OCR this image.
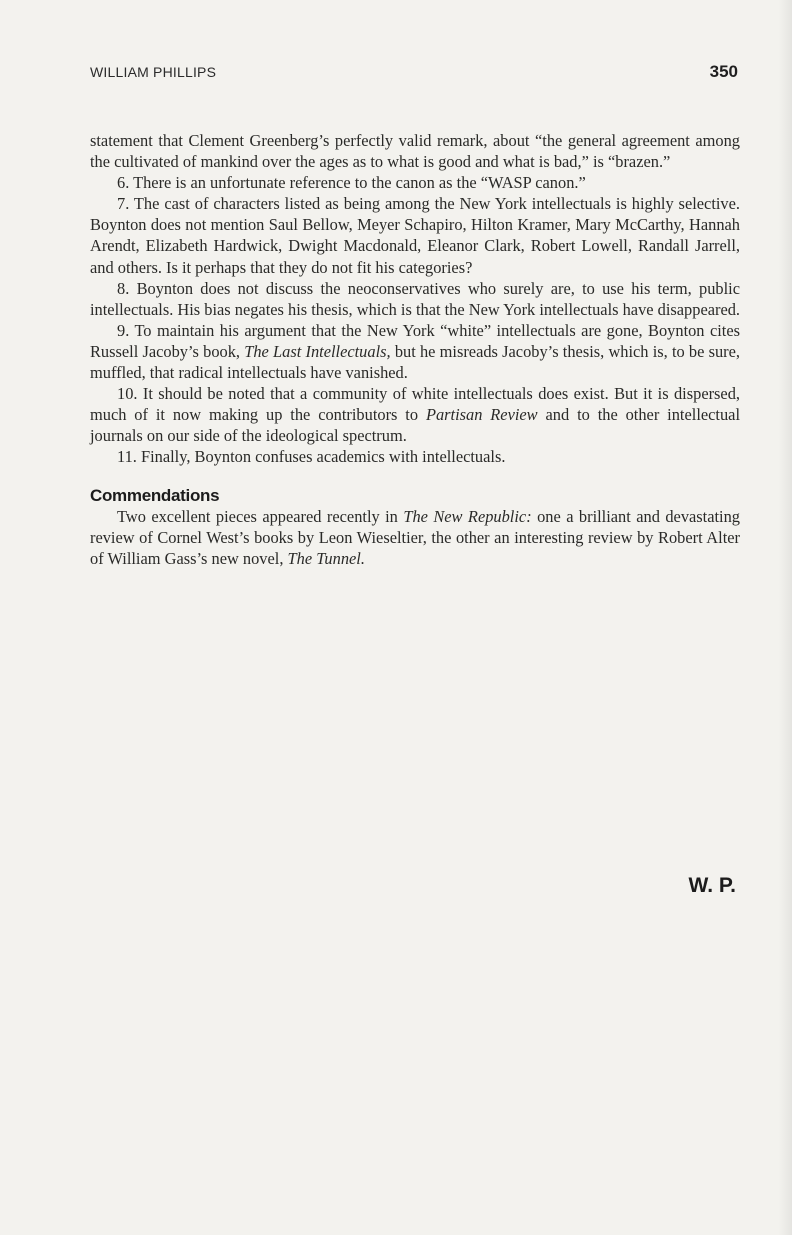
WILLIAM PHILLIPS	350

statement that Clement Greenberg’s perfectly valid remark, about “the general agreement among the cultivated of mankind over the ages as to what is good and what is bad,” is “brazen.”

6. There is an unfortunate reference to the canon as the “WASP canon.”

7. The cast of characters listed as being among the New York intellectuals is highly selective. Boynton does not mention Saul Bellow, Meyer Schapiro, Hilton Kramer, Mary McCarthy, Hannah Arendt, Elizabeth Hardwick, Dwight Macdonald, Eleanor Clark, Robert Lowell, Randall Jarrell, and others. Is it perhaps that they do not fit his categories?

8. Boynton does not discuss the neoconservatives who surely are, to use his term, public intellectuals. His bias negates his thesis, which is that the New York intellectuals have disappeared.

9. To maintain his argument that the New York “white” intellectuals are gone, Boynton cites Russell Jacoby’s book, The Last Intellectuals, but he misreads Jacoby’s thesis, which is, to be sure, muffled, that radical intellectuals have vanished.

10. It should be noted that a community of white intellectuals does exist. But it is dispersed, much of it now making up the contributors to Partisan Review and to the other intellectual journals on our side of the ideological spectrum.

11. Finally, Boynton confuses academics with intellectuals.

Commendations

Two excellent pieces appeared recently in The New Republic: one a brilliant and devastating review of Cornel West’s books by Leon Wieseltier, the other an interesting review by Robert Alter of William Gass’s new novel, The Tunnel.

W. P.
